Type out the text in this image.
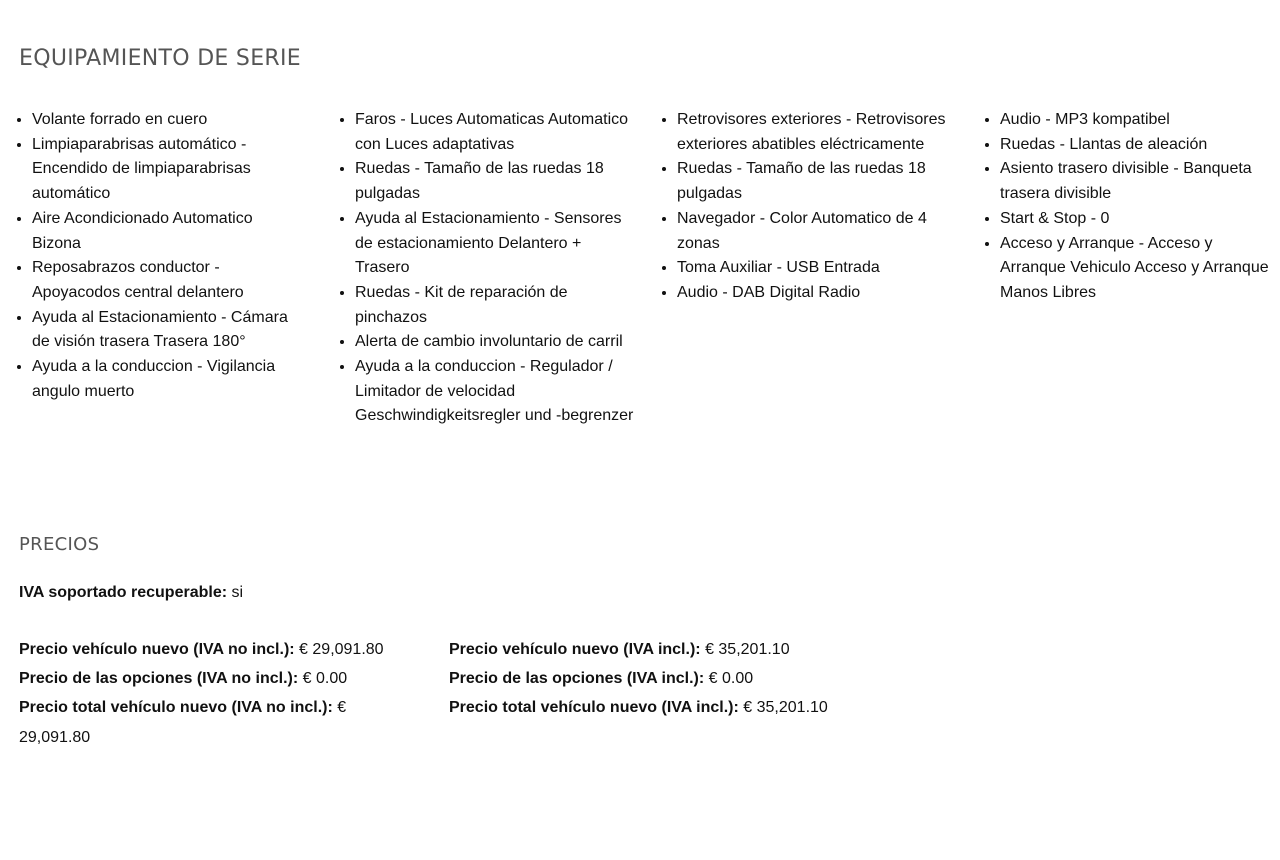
EQUIPAMIENTO DE SERIE
• Volante forrado en cuero
• Limpiaparabrisas automático - Encendido de limpiaparabrisas automático
• Aire Acondicionado Automatico Bizona
• Reposabrazos conductor - Apoyacodos central delantero
• Ayuda al Estacionamiento - Cámara de visión trasera Trasera 180°
• Ayuda a la conduccion - Vigilancia angulo muerto
• Faros - Luces Automaticas Automatico con Luces adaptativas
• Ruedas - Tamaño de las ruedas 18 pulgadas
• Ayuda al Estacionamiento - Sensores de estacionamiento Delantero + Trasero
• Ruedas - Kit de reparación de pinchazos
• Alerta de cambio involuntario de carril
• Ayuda a la conduccion - Regulador / Limitador de velocidad Geschwindigkeitsregler und -begrenzer
• Retrovisores exteriores - Retrovisores exteriores abatibles eléctricamente
• Ruedas - Tamaño de las ruedas 18 pulgadas
• Navegador - Color Automatico de 4 zonas
• Toma Auxiliar - USB Entrada
• Audio - DAB Digital Radio
• Audio - MP3 kompatibel
• Ruedas - Llantas de aleación
• Asiento trasero divisible - Banqueta trasera divisible
• Start & Stop - 0
• Acceso y Arranque - Acceso y Arranque Vehiculo Acceso y Arranque Manos Libres
PRECIOS
IVA soportado recuperable: si
Precio vehículo nuevo (IVA no incl.): € 29,091.80
Precio de las opciones (IVA no incl.): € 0.00
Precio total vehículo nuevo (IVA no incl.): € 29,091.80
Precio vehículo nuevo (IVA incl.): € 35,201.10
Precio de las opciones (IVA incl.): € 0.00
Precio total vehículo nuevo (IVA incl.): € 35,201.10
